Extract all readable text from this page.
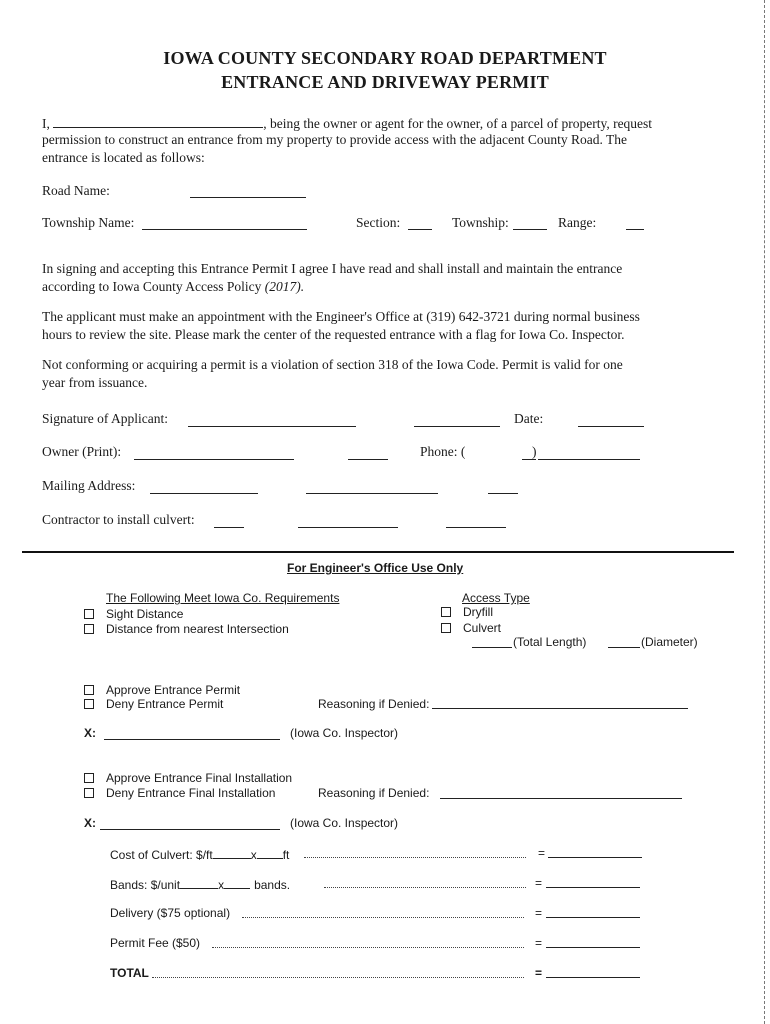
IOWA COUNTY SECONDARY ROAD DEPARTMENT
ENTRANCE AND DRIVEWAY PERMIT
I,	, being the owner or agent for the owner, of a parcel of property, request
permission to construct an entrance from my property to provide access with the adjacent County Road. The
entrance is located as follows:
Road Name:
Township Name:	Section:	Township:	Range:
In signing and accepting this Entrance Permit I agree I have read and shall install and maintain the entrance
according to Iowa County Access Policy (2017).
The applicant must make an appointment with the Engineer's Office at (319) 642-3721 during normal business
hours to review the site. Please mark the center of the requested entrance with a flag for Iowa Co. Inspector.
Not conforming or acquiring a permit is a violation of section 318 of the Iowa Code. Permit is valid for one
year from issuance.
Signature of Applicant:	Date:
Owner (Print):	Phone: (	)
Mailing Address:
Contractor to install culvert:
For Engineer's Office Use Only
The Following Meet Iowa Co. Requirements
Sight Distance
Distance from nearest Intersection
Access Type
Dryfill
Culvert
(Total Length)	(Diameter)
Approve Entrance Permit
Deny Entrance Permit	Reasoning if Denied:
X:	(Iowa Co. Inspector)
Approve Entrance Final Installation
Deny Entrance Final Installation	Reasoning if Denied:
X:	(Iowa Co. Inspector)
Cost of Culvert: $/ft	x ft	=
Bands: $/unit	x	bands.	=
Delivery ($75 optional)	=
Permit Fee ($50)	=
TOTAL	=
